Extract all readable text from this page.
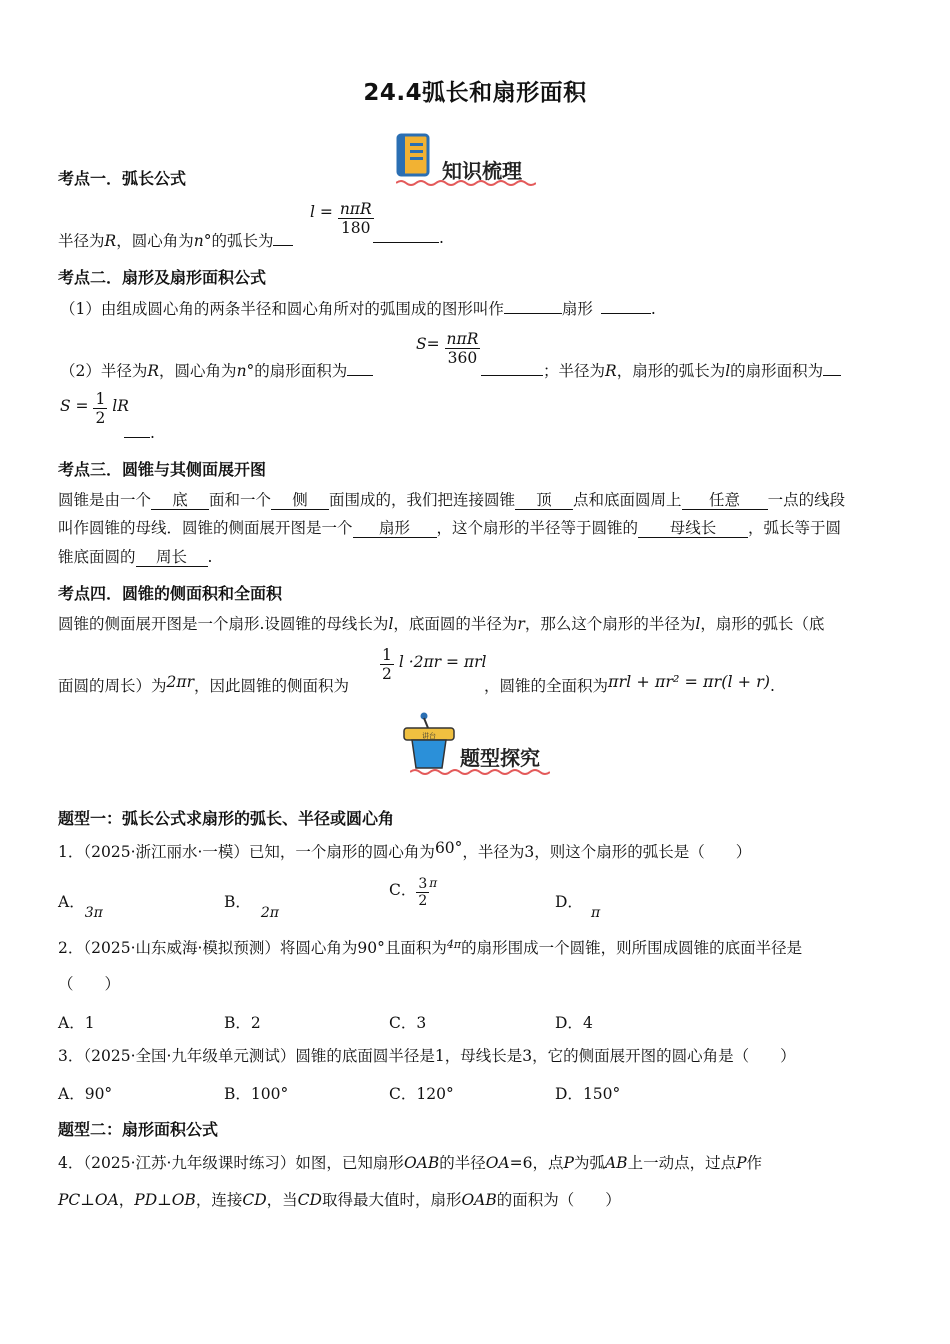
24.4弧长和扇形面积
知识梳理
考点一．弧长公式
半径为R，圆心角为n°的弧长为
$l = \frac{\text{nπR}}{180}$
.
考点二．扇形及扇形面积公式
（1）由组成圆心角的两条半径和圆心角所对的弧围成的图形叫作	扇形	.
（2）半径为R，圆心角为n°的扇形面积为
$S= \frac{\text{nπR}}{360}$
；半径为R，扇形的弧长为l的扇形面积为
$S = \frac{1}{2}$ lR
.
考点三．圆锥与其侧面展开图
圆锥是由一个 底 面和一个 侧 面围成的，我们把连接圆锥 顶 点和底面圆周上 任意 一点的线段
叫作圆锥的母线．圆锥的侧面展开图是一个 扇形 ，这个扇形的半径等于圆锥的 母线长 ，弧长等于圆
锥底面圆的 周长 .
考点四．圆锥的侧面积和全面积
圆锥的侧面展开图是一个扇形.设圆锥的母线长为l，底面圆的半径为r，那么这个扇形的半径为l，扇形的弧长（底
面圆的周长）为2πr，因此圆锥的侧面积为
$\frac{1}{2}$ l ·2πr = πrl
，圆锥的全面积为πrl + πr² = πr(l + r).
讲台
题型探究
题型一：弧长公式求扇形的弧长、半径或圆心角
1．（2025·浙江丽水·一模）已知，一个扇形的圆心角为60°，半径为3，则这个扇形的弧长是（　　）
A．3π
B．2π
C． $\frac{3}{2} ^\pi$
D．π
2．（2025·山东威海·模拟预测）将圆心角为90°且面积为$^{4\pi}$的扇形围成一个圆锥，则所围成圆锥的底面半径是
（　　）
A．1	B．2	C．3	D．4
3．（2025·全国·九年级单元测试）圆锥的底面圆半径是1，母线长是3，它的侧面展开图的圆心角是（　　）
A．90°	B．100°	C．120°	D．150°
题型二：扇形面积公式
4．（2025·江苏·九年级课时练习）如图，已知扇形OAB的半径OA=6，点P为弧AB上一动点，过点P作
PC⊥OA，PD⊥OB，连接CD，当CD取得最大值时，扇形OAB的面积为（　　）
